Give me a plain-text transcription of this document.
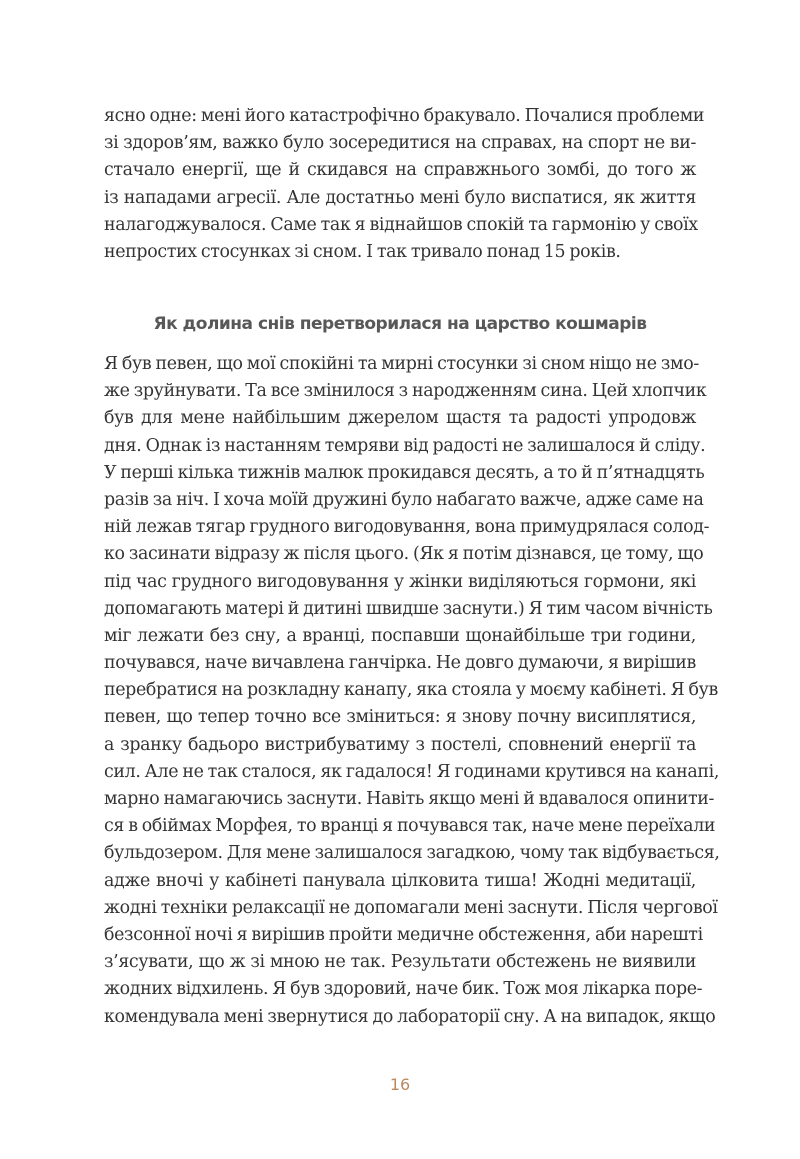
ясно одне: мені його катастрофічно бракувало. Почалися проблеми
зі здоров’ям, важко було зосередитися на справах, на спорт не ви-
стачало енергії, ще й скидався на справжнього зомбі, до того ж
із нападами агресії. Але достатньо мені було виспатися, як життя
налагоджувалося. Саме так я віднайшов спокій та гармонію у своїх
непростих стосунках зі сном. І так тривало понад 15 років.
Як долина снів перетворилася на царство кошмарів
Я був певен, що мої спокійні та мирні стосунки зі сном ніщо не змо-
же зруйнувати. Та все змінилося з народженням сина. Цей хлопчик
був для мене найбільшим джерелом щастя та радості упродовж
дня. Однак із настанням темряви від радості не залишалося й сліду.
У перші кілька тижнів малюк прокидався десять, а то й п’ятнадцять
разів за ніч. І хоча моїй дружині було набагато важче, адже саме на
ній лежав тягар грудного вигодовування, вона примудрялася солод-
ко засинати відразу ж після цього. (Як я потім дізнався, це тому, що
під час грудного вигодовування у жінки виділяються гормони, які
допомагають матері й дитині швидше заснути.) Я тим часом вічність
міг лежати без сну, а вранці, поспавши щонайбільше три години,
почувався, наче вичавлена ганчірка. Не довго думаючи, я вирішив
перебратися на розкладну канапу, яка стояла у моєму кабінеті. Я був
певен, що тепер точно все зміниться: я знову почну висиплятися,
а зранку бадьоро вистрибуватиму з постелі, сповнений енергії та
сил. Але не так сталося, як гадалося! Я годинами крутився на канапі,
марно намагаючись заснути. Навіть якщо мені й вдавалося опинити-
ся в обіймах Морфея, то вранці я почувався так, наче мене переїхали
бульдозером. Для мене залишалося загадкою, чому так відбувається,
адже вночі у кабінеті панувала цілковита тиша! Жодні медитації,
жодні техніки релаксації не допомагали мені заснути. Після чергової
безсонної ночі я вирішив пройти медичне обстеження, аби нарешті
з’ясувати, що ж зі мною не так. Результати обстежень не виявили
жодних відхилень. Я був здоровий, наче бик. Тож моя лікарка поре-
комендувала мені звернутися до лабораторії сну. А на випадок, якщо
16
